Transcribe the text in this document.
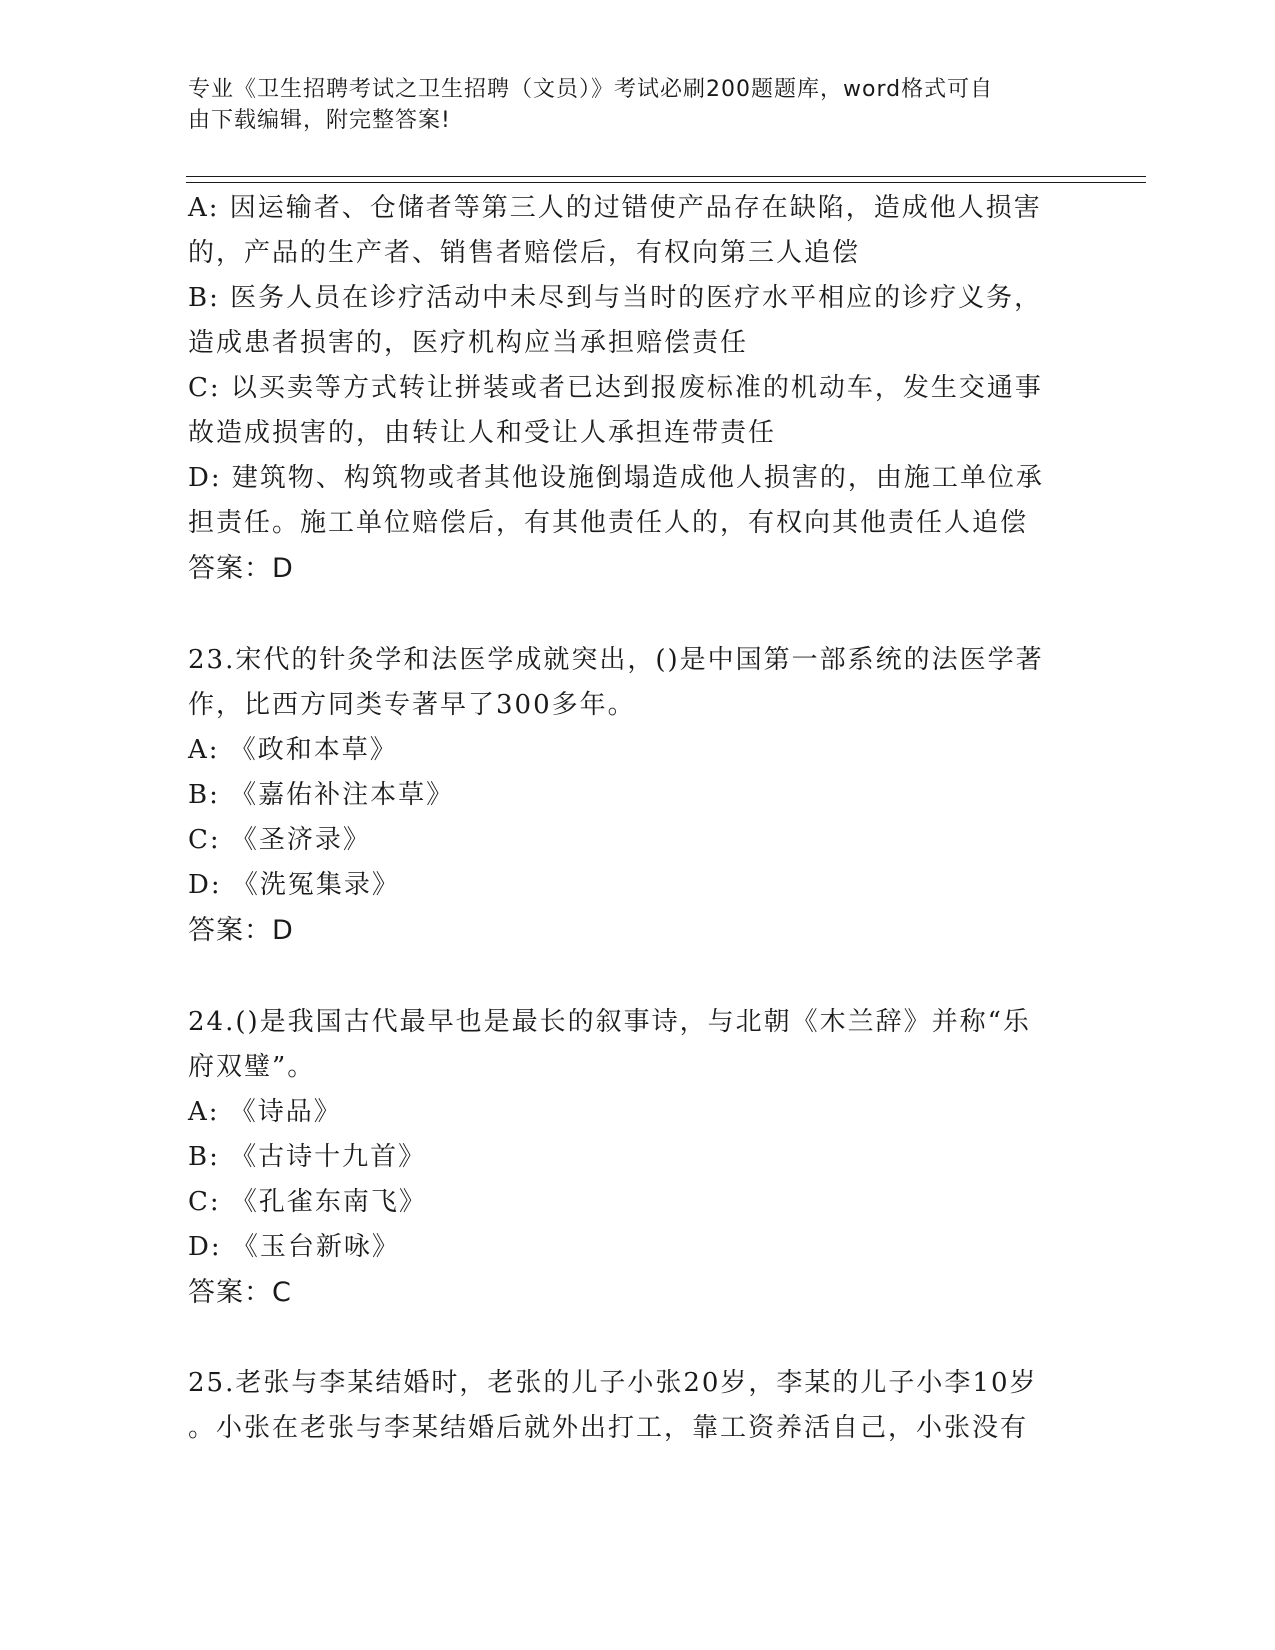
专业《卫生招聘考试之卫生招聘（文员）》考试必刷200题题库，word格式可自
由下载编辑，附完整答案!
A: 因运输者、仓储者等第三人的过错使产品存在缺陷，造成他人损害
的，产品的生产者、销售者赔偿后，有权向第三人追偿
B: 医务人员在诊疗活动中未尽到与当时的医疗水平相应的诊疗义务，
造成患者损害的，医疗机构应当承担赔偿责任
C: 以买卖等方式转让拼装或者已达到报废标准的机动车，发生交通事
故造成损害的，由转让人和受让人承担连带责任
D: 建筑物、构筑物或者其他设施倒塌造成他人损害的，由施工单位承
担责任。施工单位赔偿后，有其他责任人的，有权向其他责任人追偿
答案：D
23.宋代的针灸学和法医学成就突出，()是中国第一部系统的法医学著
作，比西方同类专著早了300多年。
A: 《政和本草》
B: 《嘉佑补注本草》
C: 《圣济录》
D: 《洗冤集录》
答案：D
24.()是我国古代最早也是最长的叙事诗，与北朝《木兰辞》并称“乐
府双璧”。
A: 《诗品》
B: 《古诗十九首》
C: 《孔雀东南飞》
D: 《玉台新咏》
答案：C
25.老张与李某结婚时，老张的儿子小张20岁，李某的儿子小李10岁
。小张在老张与李某结婚后就外出打工，靠工资养活自己，小张没有
